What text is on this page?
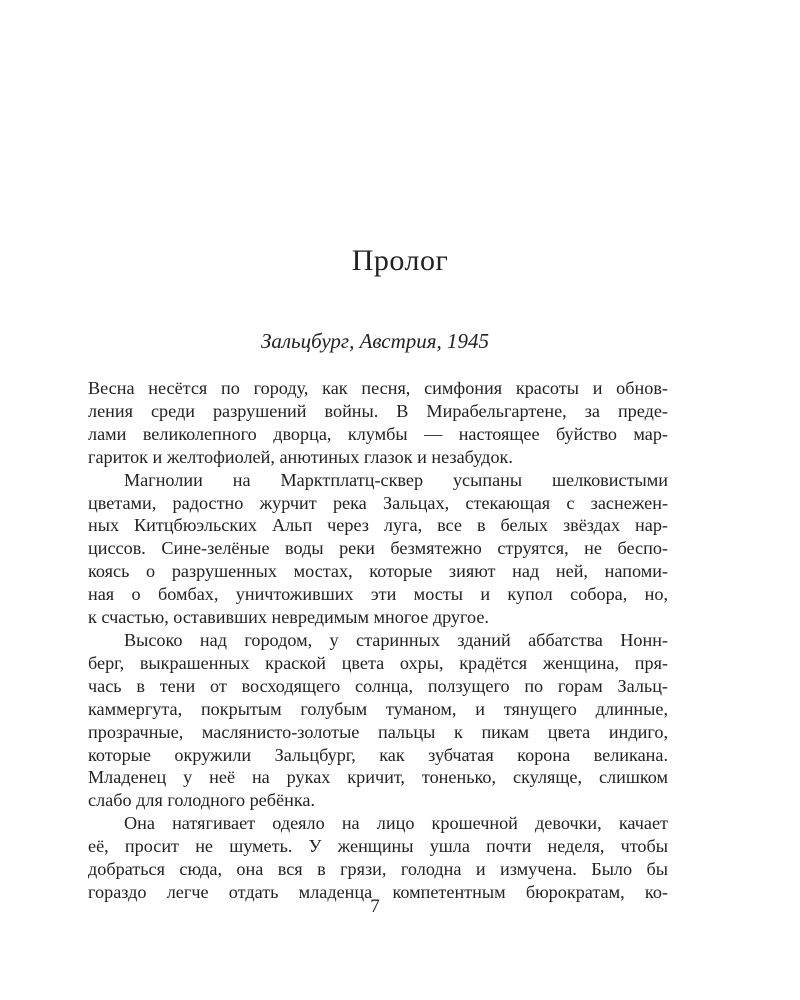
Пролог

Зальцбург, Австрия, 1945

Весна несётся по городу, как песня, симфония красоты и обнов-
ления среди разрушений войны. В Мирабельгартене, за преде-
лами великолепного дворца, клумбы — настоящее буйство мар-
гариток и желтофиолей, анютиных глазок и незабудок.
Магнолии на Марктплатц-сквер усыпаны шелковистыми
цветами, радостно журчит река Зальцах, стекающая с заснежен-
ных Китцбюэльских Альп через луга, все в белых звёздах нар-
циссов. Сине-зелёные воды реки безмятежно струятся, не беспо-
коясь о разрушенных мостах, которые зияют над ней, напоми-
ная о бомбах, уничтоживших эти мосты и купол собора, но,
к счастью, оставивших невредимым многое другое.
Высоко над городом, у старинных зданий аббатства Нонн-
берг, выкрашенных краской цвета охры, крадётся женщина, пря-
чась в тени от восходящего солнца, ползущего по горам Зальц-
каммергута, покрытым голубым туманом, и тянущего длинные,
прозрачные, маслянисто-золотые пальцы к пикам цвета индиго,
которые окружили Зальцбург, как зубчатая корона великана.
Младенец у неё на руках кричит, тоненько, скулящe, слишком
слабо для голодного ребёнка.
Она натягивает одеяло на лицо крошечной девочки, качает
её, просит не шуметь. У женщины ушла почти неделя, чтобы
добраться сюда, она вся в грязи, голодна и измучена. Было бы
гораздо легче отдать младенца компетентным бюрократам, ко-

7
